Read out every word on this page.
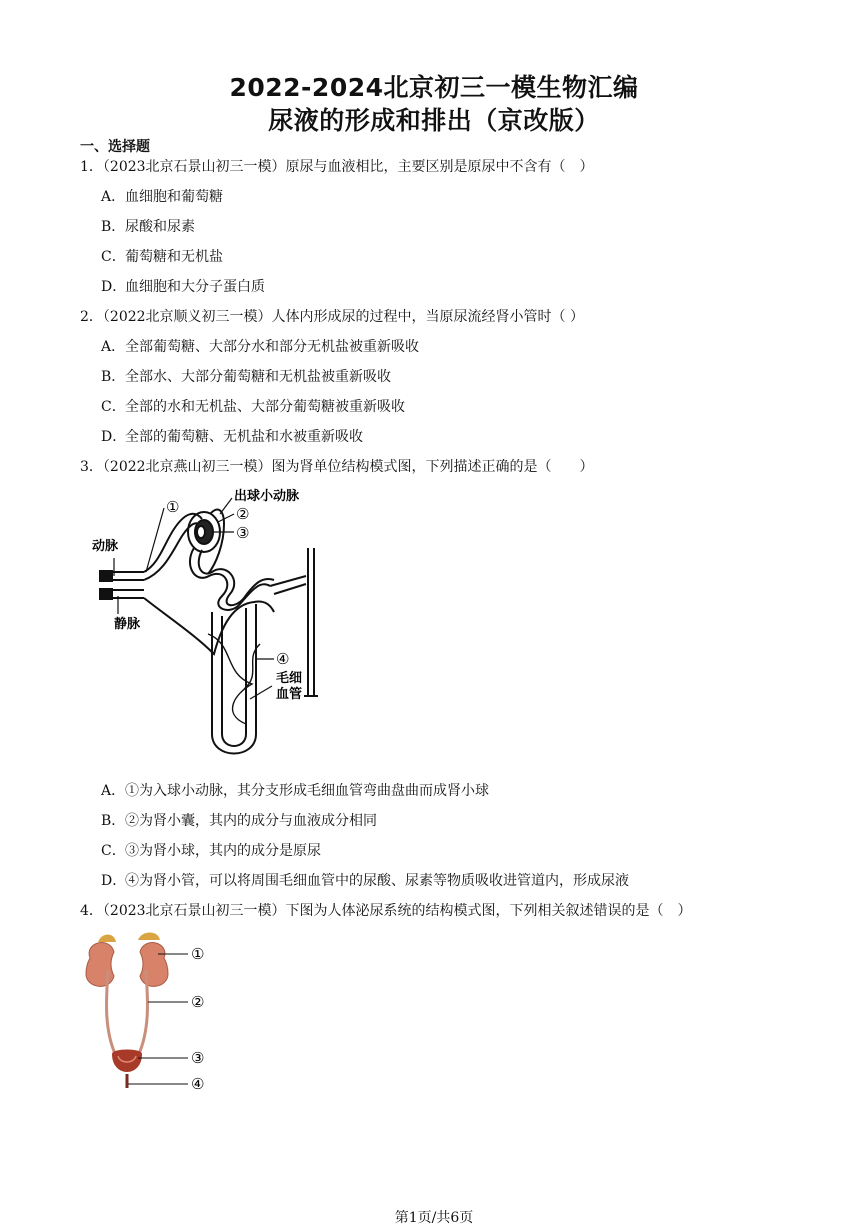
2022-2024北京初三一模生物汇编
尿液的形成和排出（京改版）
一、选择题
1．（2023北京石景山初三一模）原尿与血液相比，主要区别是原尿中不含有（　）
A．血细胞和葡萄糖
B．尿酸和尿素
C．葡萄糖和无机盐
D．血细胞和大分子蛋白质
2．（2022北京顺义初三一模）人体内形成尿的过程中，当原尿流经肾小管时（ ）
A．全部葡萄糖、大部分水和部分无机盐被重新吸收
B．全部水、大部分葡萄糖和无机盐被重新吸收
C．全部的水和无机盐、大部分葡萄糖被重新吸收
D．全部的葡萄糖、无机盐和水被重新吸收
3．（2022北京燕山初三一模）图为肾单位结构模式图，下列描述正确的是（　　）
①
出球小动脉
②
③
动脉
静脉
④
毛细
血管
A．①为入球小动脉，其分支形成毛细血管弯曲盘曲而成肾小球
B．②为肾小囊，其内的成分与血液成分相同
C．③为肾小球，其内的成分是原尿
D．④为肾小管，可以将周围毛细血管中的尿酸、尿素等物质吸收进管道内，形成尿液
4．（2023北京石景山初三一模）下图为人体泌尿系统的结构模式图，下列相关叙述错误的是（　）
①
②
③
④
第1页/共6页
